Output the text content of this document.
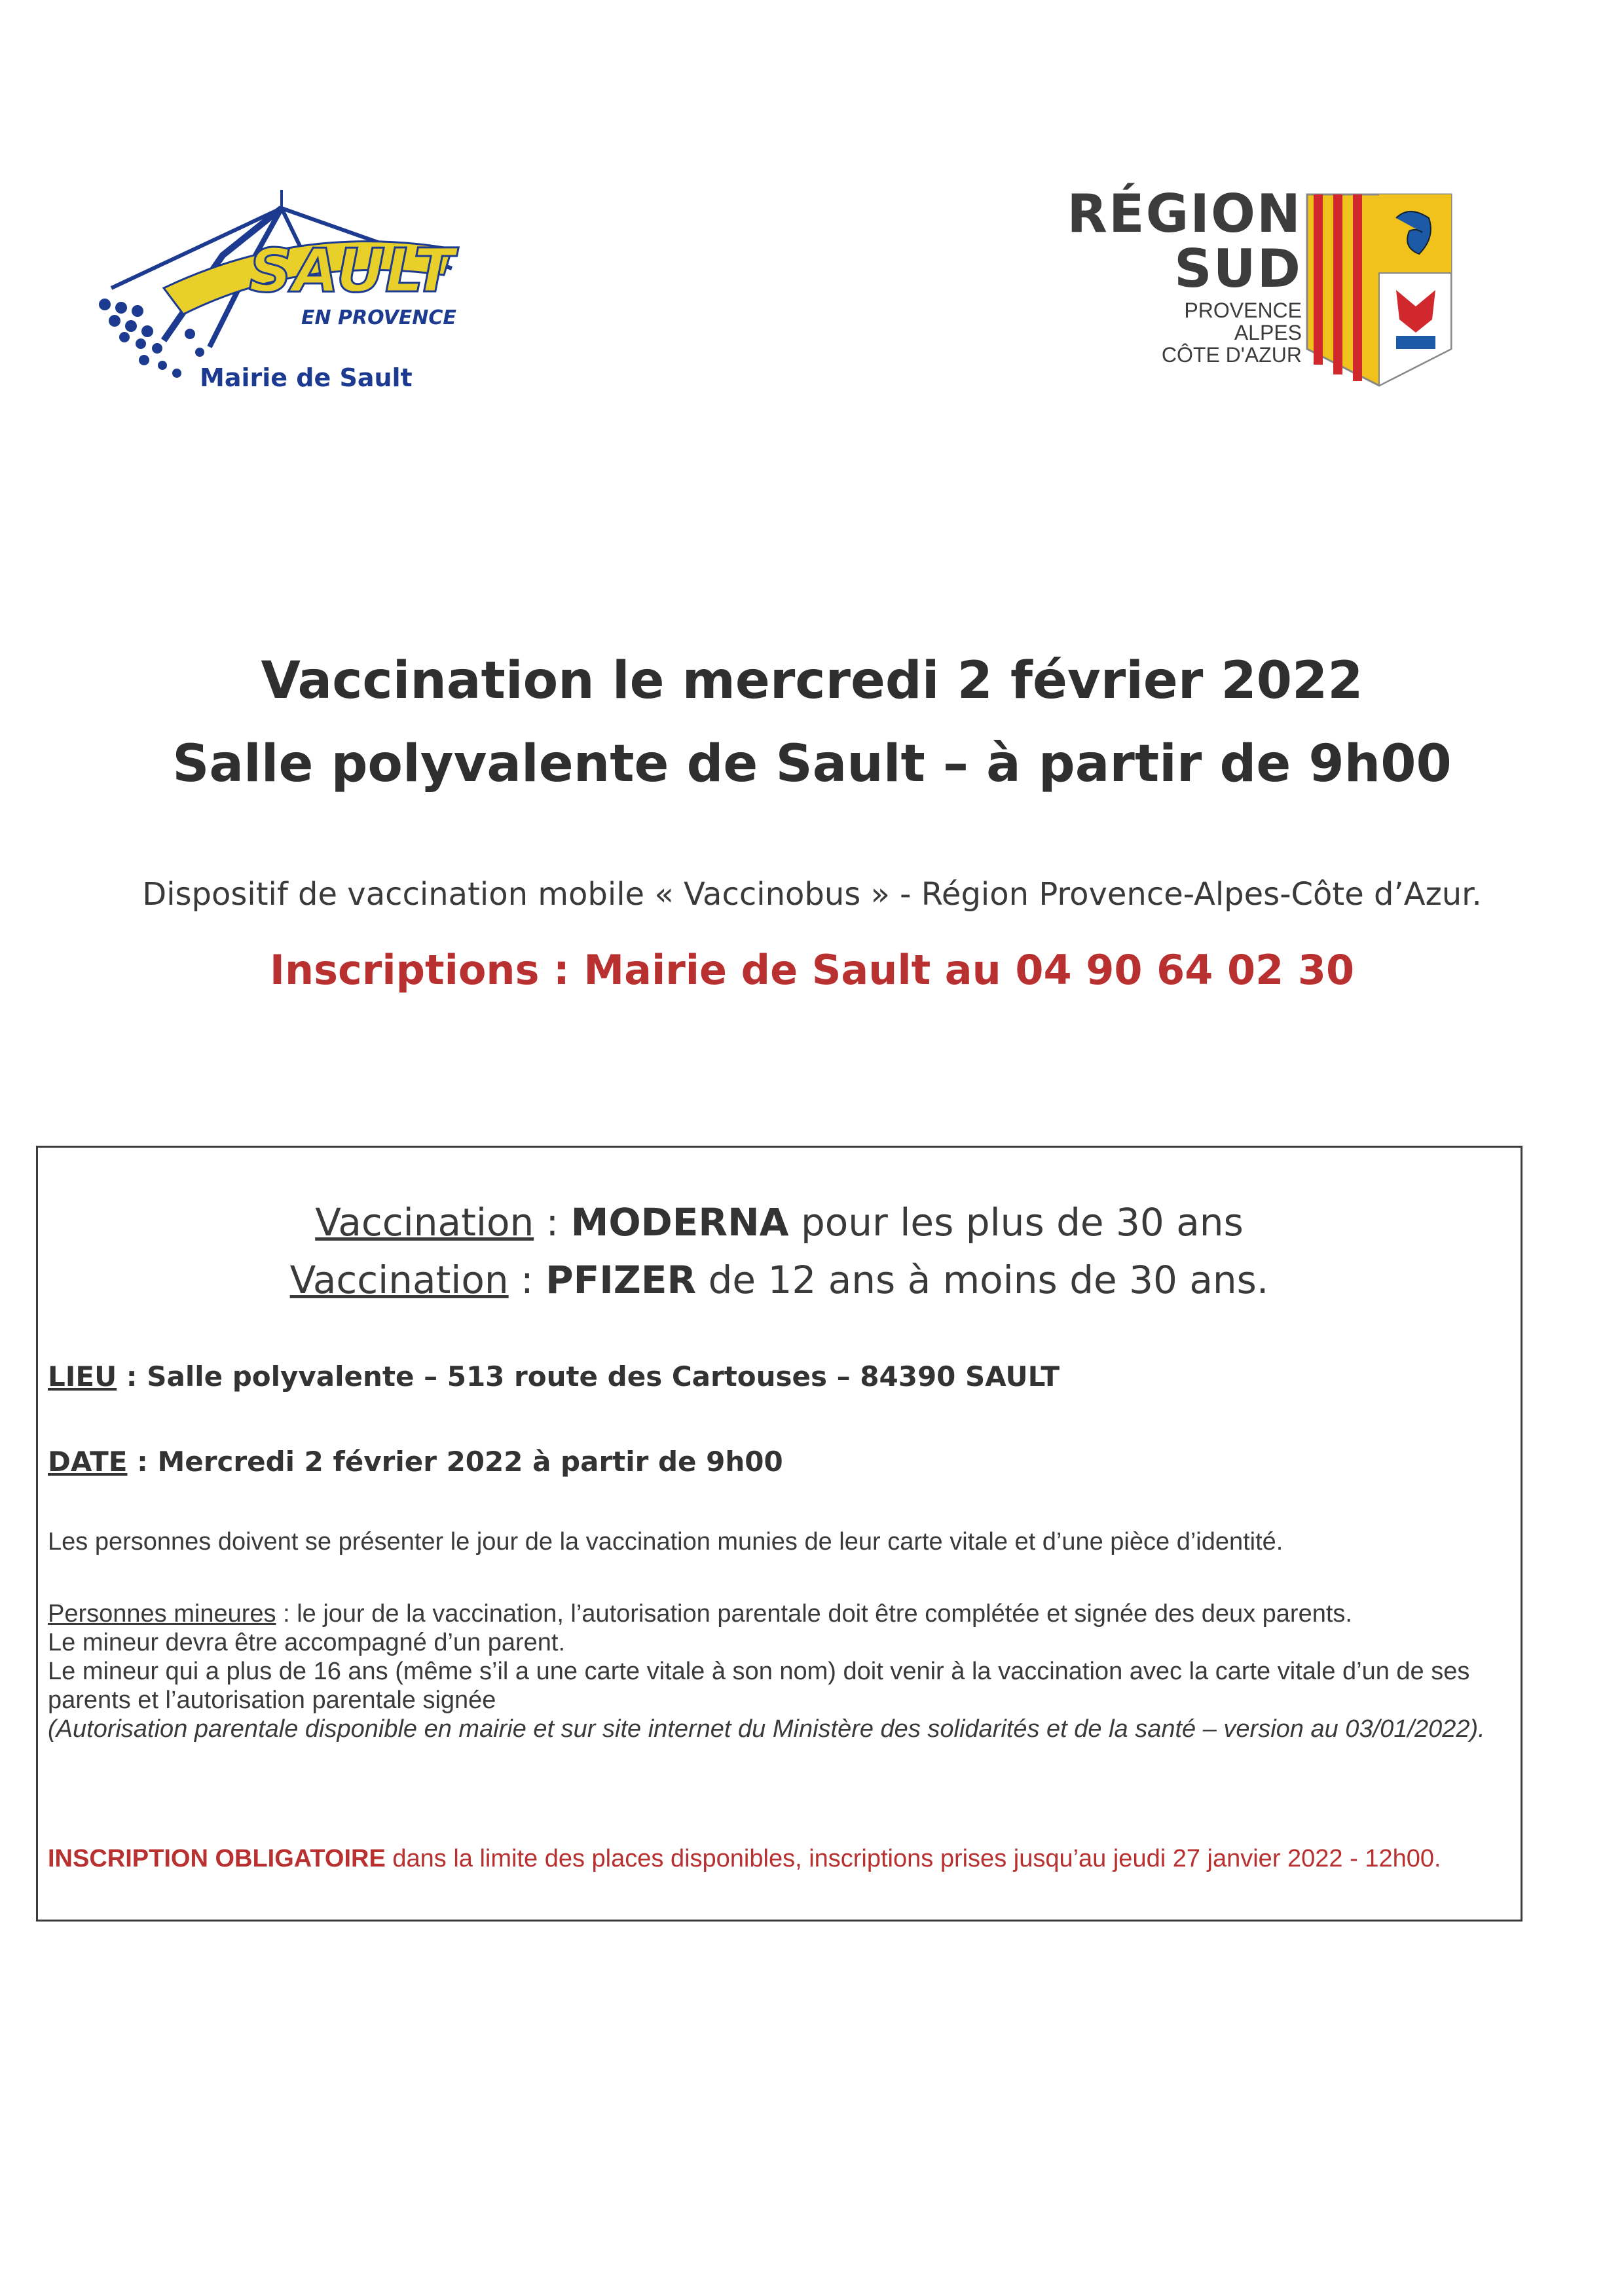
SAULT
EN PROVENCE
Mairie de Sault
RÉGION
SUD
PROVENCE
ALPES
CÔTE D'AZUR
Vaccination le mercredi 2 février 2022
Salle polyvalente de Sault – à partir de 9h00
Dispositif de vaccination mobile « Vaccinobus » - Région Provence-Alpes-Côte d’Azur.
Inscriptions : Mairie de Sault au 04 90 64 02 30
Vaccination : MODERNA pour les plus de 30 ans
Vaccination : PFIZER de 12 ans à moins de 30 ans.
LIEU : Salle polyvalente – 513 route des Cartouses – 84390 SAULT
DATE : Mercredi 2 février 2022 à partir de 9h00
Les personnes doivent se présenter le jour de la vaccination munies de leur carte vitale et d’une pièce d’identité.
Personnes mineures : le jour de la vaccination, l’autorisation parentale doit être complétée et signée des deux parents.
Le mineur devra être accompagné d’un parent.
Le mineur qui a plus de 16 ans (même s’il a une carte vitale à son nom) doit venir à la vaccination avec la carte vitale d’un de ses parents et l’autorisation parentale signée
(Autorisation parentale disponible en mairie et sur site internet du Ministère des solidarités et de la santé – version au 03/01/2022).
INSCRIPTION OBLIGATOIRE dans la limite des places disponibles, inscriptions prises jusqu’au jeudi 27 janvier 2022 - 12h00.
